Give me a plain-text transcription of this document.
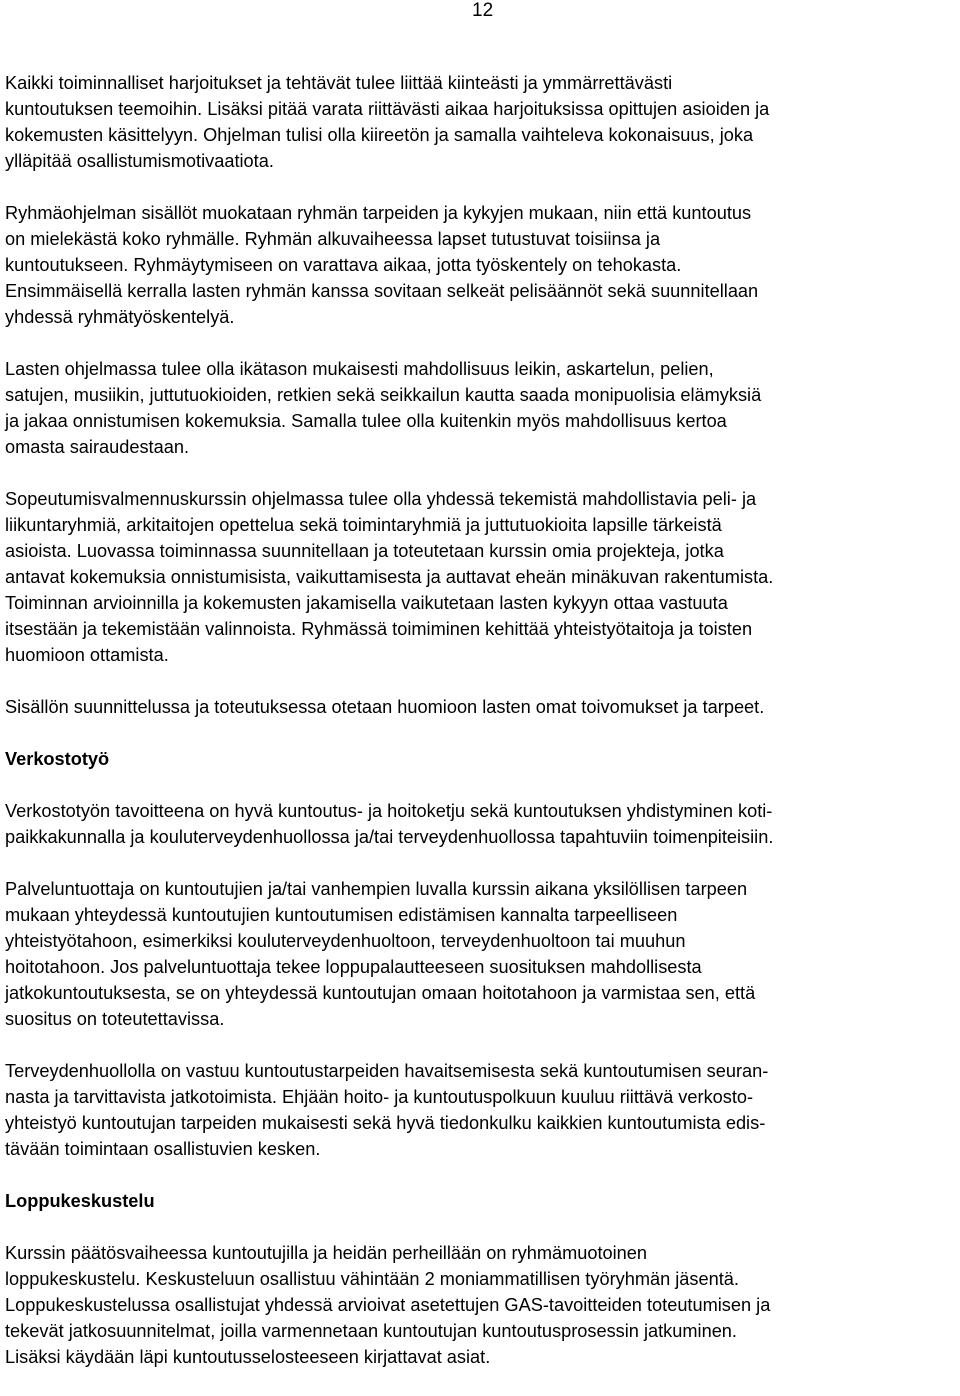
12
Kaikki toiminnalliset harjoitukset ja tehtävät tulee liittää kiinteästi ja ymmärrettävästi
kuntoutuksen teemoihin. Lisäksi pitää varata riittävästi aikaa harjoituksissa opittujen asioiden ja
kokemusten käsittelyyn. Ohjelman tulisi olla kiireetön ja samalla vaihteleva kokonaisuus, joka
ylläpitää osallistumismotivaatiota.
Ryhmäohjelman sisällöt muokataan ryhmän tarpeiden ja kykyjen mukaan, niin että kuntoutus
on mielekästä koko ryhmälle. Ryhmän alkuvaiheessa lapset tutustuvat toisiinsa ja
kuntoutukseen. Ryhmäytymiseen on varattava aikaa, jotta työskentely on tehokasta.
Ensimmäisellä kerralla lasten ryhmän kanssa sovitaan selkeät pelisäännöt sekä suunnitellaan
yhdessä ryhmätyöskentelyä.
Lasten ohjelmassa tulee olla ikätason mukaisesti mahdollisuus leikin, askartelun, pelien,
satujen, musiikin, juttutuokioiden, retkien sekä seikkailun kautta saada monipuolisia elämyksiä
ja jakaa onnistumisen kokemuksia. Samalla tulee olla kuitenkin myös mahdollisuus kertoa
omasta sairaudestaan.
Sopeutumisvalmennuskurssin ohjelmassa tulee olla yhdessä tekemistä mahdollistavia peli- ja
liikuntaryhmiä, arkitaitojen opettelua sekä toimintaryhmiä ja juttutuokioita lapsille tärkeistä
asioista. Luovassa toiminnassa suunnitellaan ja toteutetaan kurssin omia projekteja, jotka
antavat kokemuksia onnistumisista, vaikuttamisesta ja auttavat eheän minäkuvan rakentumista.
Toiminnan arvioinnilla ja kokemusten jakamisella vaikutetaan lasten kykyyn ottaa vastuuta
itsestään ja tekemistään valinnoista. Ryhmässä toimiminen kehittää yhteistyötaitoja ja toisten
huomioon ottamista.
Sisällön suunnittelussa ja toteutuksessa otetaan huomioon lasten omat toivomukset ja tarpeet.
Verkostotyö
Verkostotyön tavoitteena on hyvä kuntoutus- ja hoitoketju sekä kuntoutuksen yhdistyminen koti-
paikkakunnalla ja kouluterveydenhuollossa ja/tai terveydenhuollossa tapahtuviin toimenpiteisiin.
Palveluntuottaja on kuntoutujien ja/tai vanhempien luvalla kurssin aikana yksilöllisen tarpeen
mukaan yhteydessä kuntoutujien kuntoutumisen edistämisen kannalta tarpeelliseen
yhteistyötahoon, esimerkiksi kouluterveydenhuoltoon, terveydenhuoltoon tai muuhun
hoitotahoon. Jos palveluntuottaja tekee loppupalautteeseen suosituksen mahdollisesta
jatkokuntoutuksesta, se on yhteydessä kuntoutujan omaan hoitotahoon ja varmistaa sen, että
suositus on toteutettavissa.
Terveydenhuollolla on vastuu kuntoutustarpeiden havaitsemisesta sekä kuntoutumisen seuran-
nasta ja tarvittavista jatkotoimista. Ehjään hoito- ja kuntoutuspolkuun kuuluu riittävä verkosto-
yhteistyö kuntoutujan tarpeiden mukaisesti sekä hyvä tiedonkulku kaikkien kuntoutumista edis-
tävään toimintaan osallistuvien kesken.
Loppukeskustelu
Kurssin päätösvaiheessa kuntoutujilla ja heidän perheillään on ryhmämuotoinen
loppukeskustelu. Keskusteluun osallistuu vähintään 2 moniammatillisen työryhmän jäsentä.
Loppukeskustelussa osallistujat yhdessä arvioivat asetettujen GAS-tavoitteiden toteutumisen ja
tekevät jatkosuunnitelmat, joilla varmennetaan kuntoutujan kuntoutusprosessin jatkuminen.
Lisäksi käydään läpi kuntoutusselosteeseen kirjattavat asiat.
